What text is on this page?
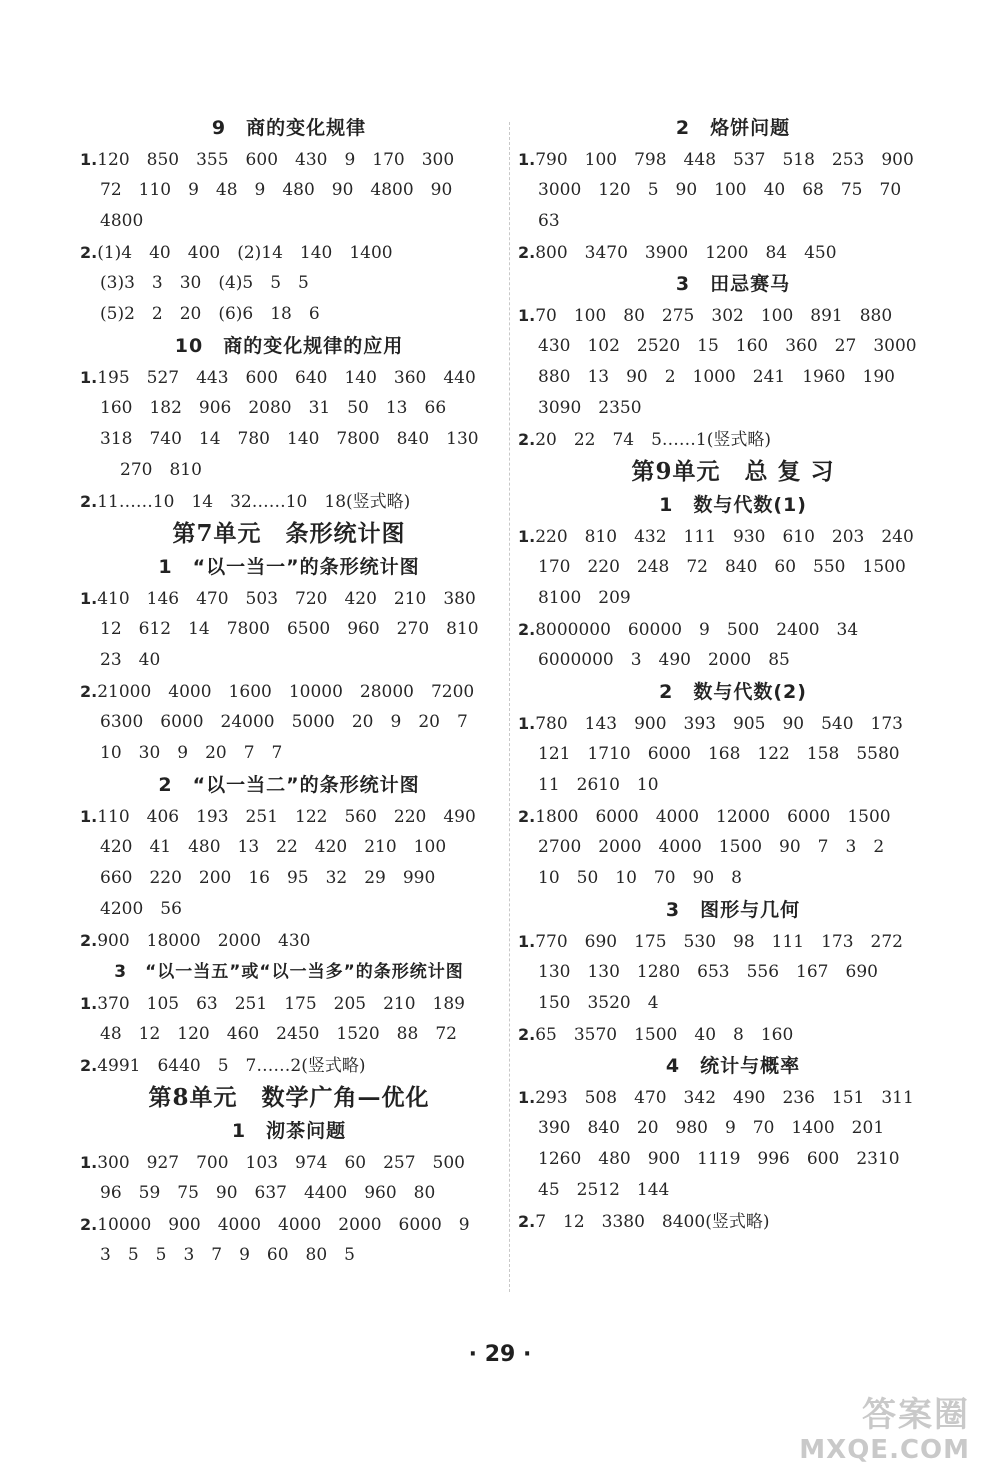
9　商的变化规律
1.120　850　355　600　430　9　170　300
72　110　9　48　9　480　90　4800　90
4800
2.(1)4　40　400　(2)14　140　1400
(3)3　3　30　(4)5　5　5
(5)2　2　20　(6)6　18　6
10　商的变化规律的应用
1.195　527　443　600　640　140　360　440
160　182　906　2080　31　50　13　66
318　740　14　780　140　7800　840　130
270　810
2.11……10　14　32……10　18(竖式略)
第7单元　条形统计图
1　“以一当一”的条形统计图
1.410　146　470　503　720　420　210　380
12　612　14　7800　6500　960　270　810
23　40
2.21000　4000　1600　10000　28000　7200
6300　6000　24000　5000　20　9　20　7
10　30　9　20　7　7
2　“以一当二”的条形统计图
1.110　406　193　251　122　560　220　490
420　41　480　13　22　420　210　100
660　220　200　16　95　32　29　990
4200　56
2.900　18000　2000　430
3　“以一当五”或“以一当多”的条形统计图
1.370　105　63　251　175　205　210　189
48　12　120　460　2450　1520　88　72
2.4991　6440　5　7……2(竖式略)
第8单元　数学广角—优化
1　沏茶问题
1.300　927　700　103　974　60　257　500
96　59　75　90　637　4400　960　80
2.10000　900　4000　4000　2000　6000　9
3　5　5　3　7　9　60　80　5
2　烙饼问题
1.790　100　798　448　537　518　253　900
3000　120　5　90　100　40　68　75　70
63
2.800　3470　3900　1200　84　450
3　田忌赛马
1.70　100　80　275　302　100　891　880
430　102　2520　15　160　360　27　3000
880　13　90　2　1000　241　1960　190
3090　2350
2.20　22　74　5……1(竖式略)
第9单元　总 复 习
1　数与代数(1)
1.220　810　432　111　930　610　203　240
170　220　248　72　840　60　550　1500
8100　209
2.8000000　60000　9　500　2400　34
6000000　3　490　2000　85
2　数与代数(2)
1.780　143　900　393　905　90　540　173
121　1710　6000　168　122　158　5580
11　2610　10
2.1800　6000　4000　12000　6000　1500
2700　2000　4000　1500　90　7　3　2
10　50　10　70　90　8
3　图形与几何
1.770　690　175　530　98　111　173　272
130　130　1280　653　556　167　690
150　3520　4
2.65　3570　1500　40　8　160
4　统计与概率
1.293　508　470　342　490　236　151　311
390　840　20　980　9　70　1400　201
1260　480　900　1119　996　600　2310
45　2512　144
2.7　12　3380　8400(竖式略)
· 29 ·
答案圈
MXQE.COM
